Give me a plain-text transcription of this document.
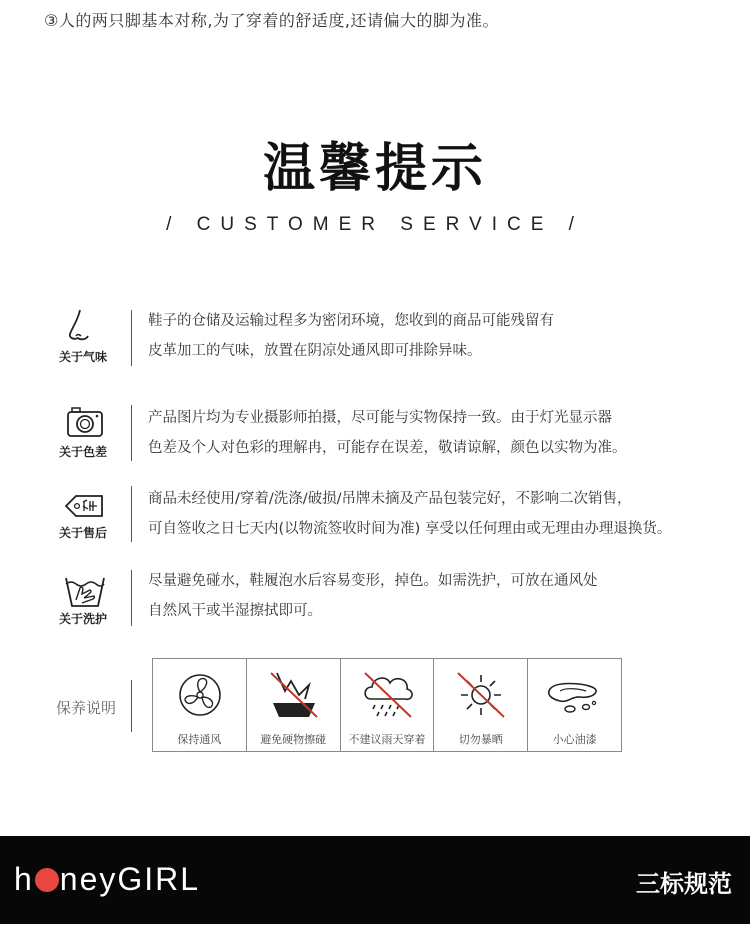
③人的两只脚基本对称,为了穿着的舒适度,还请偏大的脚为准。
温馨提示
/ CUSTOMER SERVICE /
关于气味
鞋子的仓储及运输过程多为密闭环境，您收到的商品可能残留有
皮革加工的气味，放置在阴凉处通风即可排除异味。
关于色差
产品图片均为专业摄影师拍摄，尽可能与实物保持一致。由于灯光显示器
色差及个人对色彩的理解冉，可能存在误差，敬请谅解，颜色以实物为准。
关于售后
商品未经使用/穿着/洗涤/破损/吊牌未摘及产品包装完好，不影响二次销售，
可自签收之日七天内(以物流签收时间为准) 享受以任何理由或无理由办理退换货。
关于洗护
尽量避免碰水，鞋履泡水后容易变形，掉色。如需洗护，可放在通风处
自然风干或半湿擦拭即可。
保养说明
保持通风	避免硬物擦碰	不建议雨天穿着	切勿暴晒	小心油漆
h neyGIRL	三标规范
